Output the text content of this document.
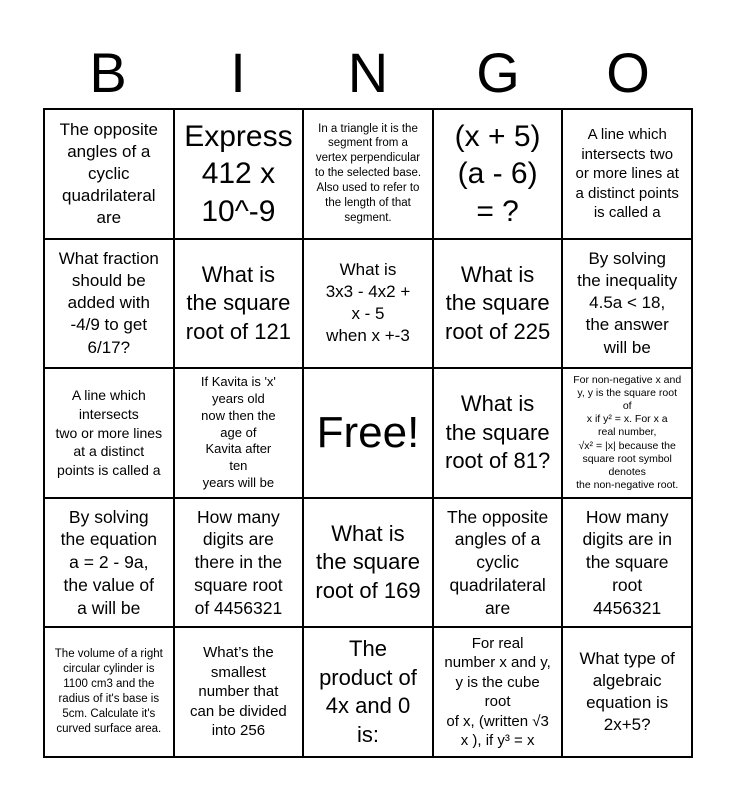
B	I	N	G	O
The opposite
angles of a
cyclic
quadrilateral
are
Express
412 x
10^-9
In a triangle it is the
segment from a
vertex perpendicular
to the selected base.
Also used to refer to
the length of that
segment.
(x + 5)
(a - 6)
= ?
A line which
intersects two
or more lines at
a distinct points
is called a
What fraction
should be
added with
-4/9 to get
6/17?
What is
the square
root of 121
What is
3x3 - 4x2 +
x - 5
when x +-3
What is
the square
root of 225
By solving
the inequality
4.5a < 18,
the answer
will be
A line which
intersects
two or more lines
at a distinct
points is called a
If Kavita is 'x'
years old
now then the
age of
Kavita after
ten
years will be
Free!
What is
the square
root of 81?
For non-negative x and
y, y is the square root
of
x if y² = x. For x a
real number,
√x² = |x| because the
square root symbol
denotes
the non-negative root.
By solving
the equation
a = 2 - 9a,
the value of
a will be
How many
digits are
there in the
square root
of 4456321
What is
the square
root of 169
The opposite
angles of a
cyclic
quadrilateral
are
How many
digits are in
the square
root
4456321
The volume of a right
circular cylinder is
1100 cm3 and the
radius of it's base is
5cm. Calculate it's
curved surface area.
What’s the
smallest
number that
can be divided
into 256
The
product of
4x and 0
is:
For real
number x and y,
y is the cube
root
of x, (written √3
x ), if y³ = x
What type of
algebraic
equation is
2x+5?
